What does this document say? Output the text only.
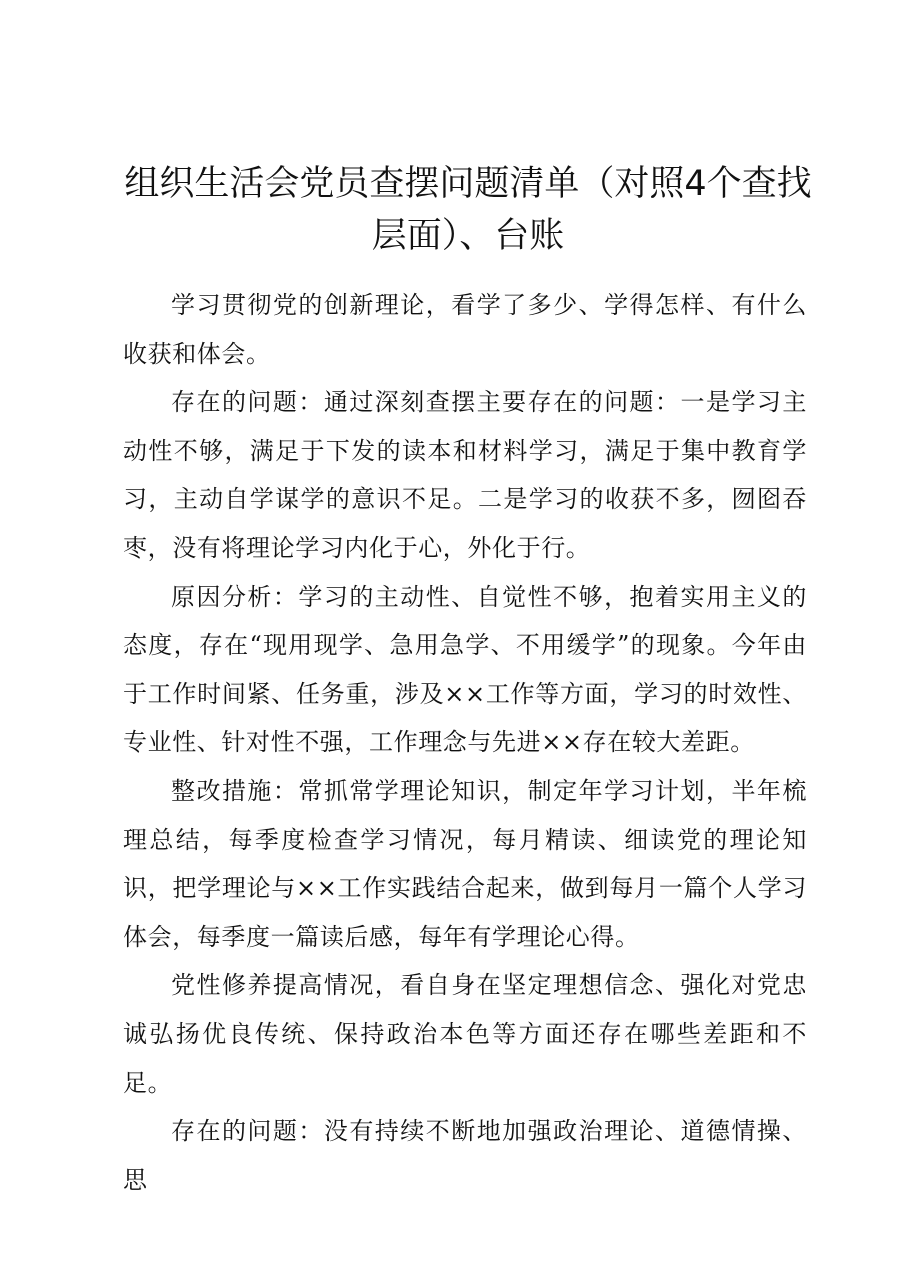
组织生活会党员查摆问题清单（对照4个查找层面）、台账

学习贯彻党的创新理论，看学了多少、学得怎样、有什么收获和体会。

存在的问题：通过深刻查摆主要存在的问题：一是学习主动性不够，满足于下发的读本和材料学习，满足于集中教育学习，主动自学谋学的意识不足。二是学习的收获不多，囫囵吞枣，没有将理论学习内化于心，外化于行。

原因分析：学习的主动性、自觉性不够，抱着实用主义的态度，存在“现用现学、急用急学、不用缓学”的现象。今年由于工作时间紧、任务重，涉及××工作等方面，学习的时效性、专业性、针对性不强，工作理念与先进××存在较大差距。

整改措施：常抓常学理论知识，制定年学习计划，半年梳理总结，每季度检查学习情况，每月精读、细读党的理论知识，把学理论与××工作实践结合起来，做到每月一篇个人学习体会，每季度一篇读后感，每年有学理论心得。

党性修养提高情况，看自身在坚定理想信念、强化对党忠诚弘扬优良传统、保持政治本色等方面还存在哪些差距和不足。

存在的问题：没有持续不断地加强政治理论、道德情操、思
